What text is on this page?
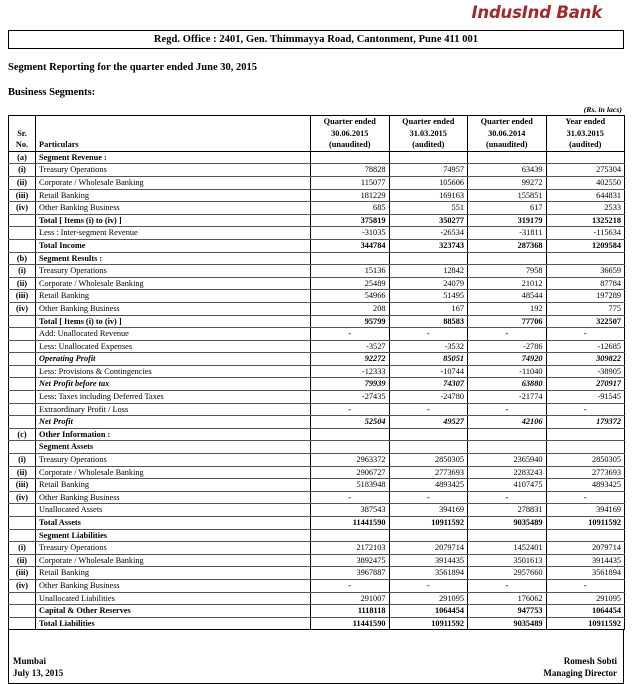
IndusInd Bank
Regd. Office : 2401, Gen. Thimmayya Road, Cantonment, Pune 411 001
Segment Reporting for the quarter ended June 30, 2015
Business Segments:
(Rs. in lacs)
Sr.
No.	Particulars	Quarter ended
30.06.2015
(unaudited)	Quarter ended
31.03.2015
(audited)	Quarter ended
30.06.2014
(unaudited)	Year ended
31.03.2015
(audited)

(a)	Segment Revenue :				
(i)	Treasury Operations	78828	74957	63439	275304
(ii)	Corporate / Wholesale Banking	115077	105606	99272	402550
(iii)	Retail Banking	181229	169163	155851	644831
(iv)	Other Banking Business	685	551	617	2533
	Total [ Items (i) to (iv) ]	375819	350277	319179	1325218
	Less : Inter-segment Revenue	-31035	-26534	-31811	-115634
	Total Income	344784	323743	287368	1209584
(b)	Segment Results :				
(i)	Treasury Operations	15136	12842	7958	36659
(ii)	Corporate / Wholesale Banking	25489	24079	21012	87784
(iii)	Retail Banking	54966	51495	48544	197289
(iv)	Other Banking Business	208	167	192	775
	Total [ Items (i) to (iv) ]	95799	88583	77706	322507
	Add: Unallocated Revenue	-	-	-	-
	Less: Unallocated Expenses	-3527	-3532	-2786	-12685
	Operating Profit	92272	85051	74920	309822
	Less: Provisions & Contingencies	-12333	-10744	-11040	-38905
	Net Profit before tax	79939	74307	63880	270917
	Less: Taxes including Deferred Taxes	-27435	-24780	-21774	-91545
	Extraordinary Profit / Loss	-	-	-	-
	Net Profit	52504	49527	42106	179372
(c)	Other Information :				
	Segment Assets				
(i)	Treasury Operations	2963372	2850305	2365940	2850305
(ii)	Corporate / Wholesale Banking	2906727	2773693	2283243	2773693
(iii)	Retail Banking	5183948	4893425	4107475	4893425
(iv)	Other Banking Business	-	-	-	-
	Unallocated Assets	387543	394169	278831	394169
	Total Assets	11441590	10911592	9035489	10911592
	Segment Liabilities				
(i)	Treasury Operations	2172103	2079714	1452401	2079714
(ii)	Corporate / Wholesale Banking	3892475	3914435	3501613	3914435
(iii)	Retail Banking	3967887	3561894	2957660	3561894
(iv)	Other Banking Business	-	-	-	-
	Unallocated Liabilities	291007	291095	176062	291095
	Capital & Other Reserves	1118118	1064454	947753	1064454
	Total Liabilities	11441590	10911592	9035489	10911592
Mumbai
July 13, 2015
Romesh Sobti
Managing Director
